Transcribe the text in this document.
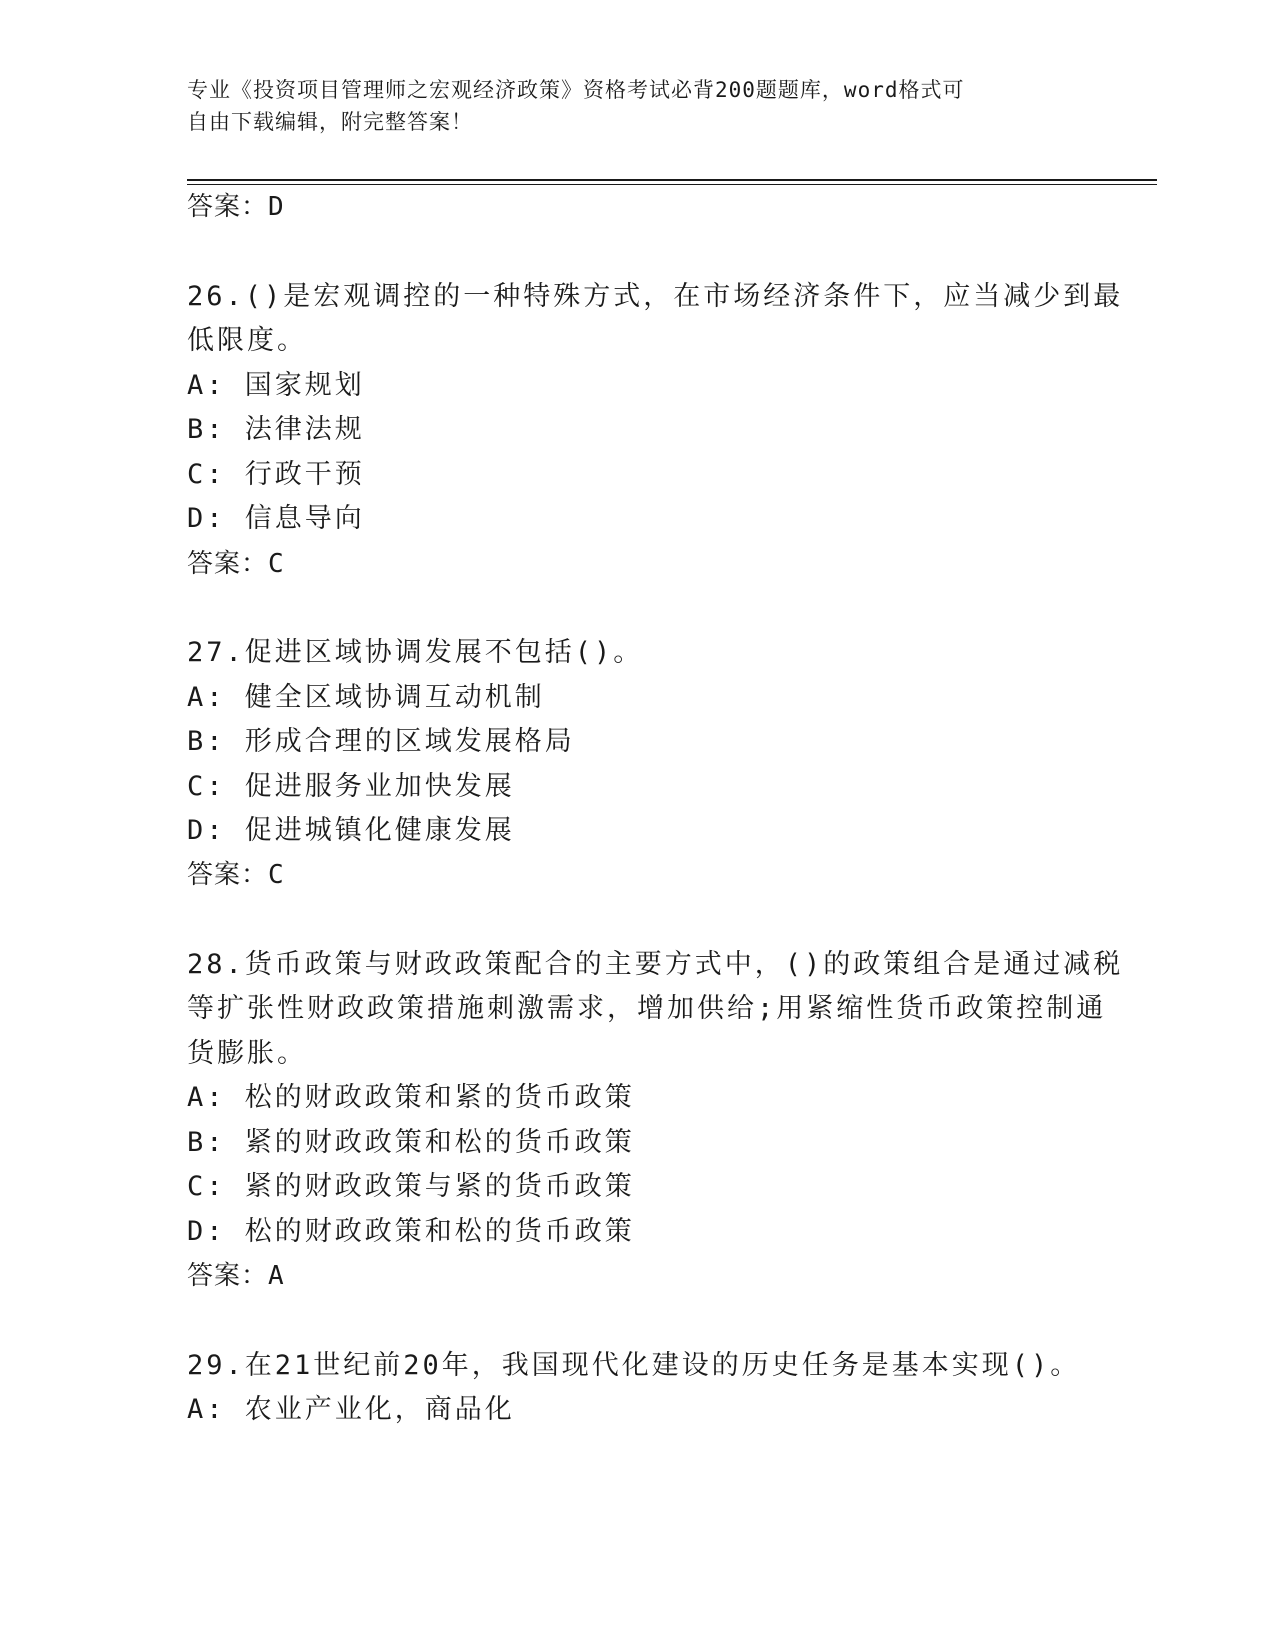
专业《投资项目管理师之宏观经济政策》资格考试必背200题题库，word格式可
自由下载编辑，附完整答案！
答案：D
26.()是宏观调控的一种特殊方式，在市场经济条件下，应当减少到最
低限度。
A: 国家规划
B: 法律法规
C: 行政干预
D: 信息导向
答案：C
27.促进区域协调发展不包括()。
A: 健全区域协调互动机制
B: 形成合理的区域发展格局
C: 促进服务业加快发展
D: 促进城镇化健康发展
答案：C
28.货币政策与财政政策配合的主要方式中，()的政策组合是通过减税
等扩张性财政政策措施刺激需求，增加供给;用紧缩性货币政策控制通
货膨胀。
A: 松的财政政策和紧的货币政策
B: 紧的财政政策和松的货币政策
C: 紧的财政政策与紧的货币政策
D: 松的财政政策和松的货币政策
答案：A
29.在21世纪前20年，我国现代化建设的历史任务是基本实现()。
A: 农业产业化，商品化
